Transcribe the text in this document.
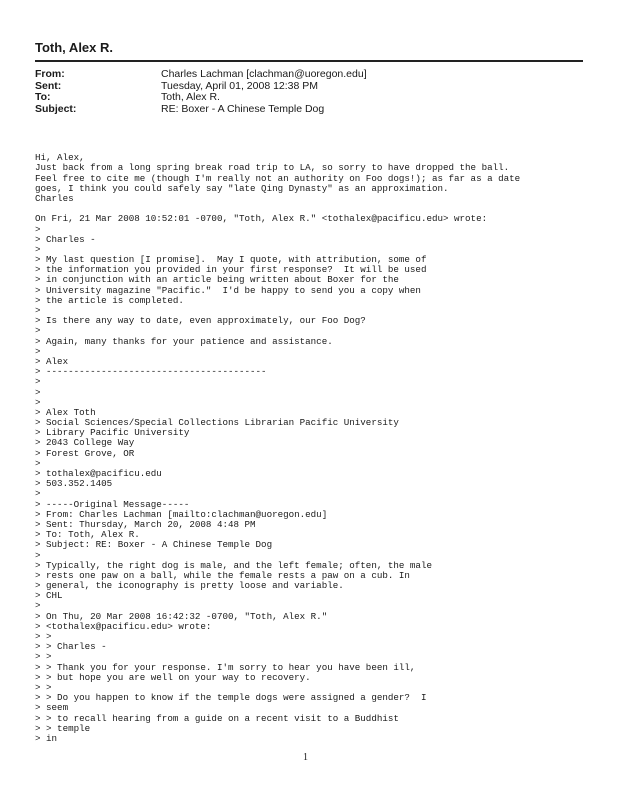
Toth, Alex R.
From:	Charles Lachman [clachman@uoregon.edu]
Sent:	Tuesday, April 01, 2008 12:38 PM
To:	Toth, Alex R.
Subject:	RE: Boxer - A Chinese Temple Dog
Hi, Alex,
Just back from a long spring break road trip to LA, so sorry to have dropped the ball.
Feel free to cite me (though I'm really not an authority on Foo dogs!); as far as a date
goes, I think you could safely say "late Qing Dynasty" as an approximation.
Charles
On Fri, 21 Mar 2008 10:52:01 -0700, "Toth, Alex R." <tothalex@pacificu.edu> wrote:
>
> Charles -
>
> My last question [I promise].  May I quote, with attribution, some of
> the information you provided in your first response?  It will be used
> in conjunction with an article being written about Boxer for the
> University magazine "Pacific."  I'd be happy to send you a copy when
> the article is completed.
>
> Is there any way to date, even approximately, our Foo Dog?
>
> Again, many thanks for your patience and assistance.
>
> Alex
> ----------------------------------------
>
>
>
> Alex Toth
> Social Sciences/Special Collections Librarian Pacific University
> Library Pacific University
> 2043 College Way
> Forest Grove, OR
>
> tothalex@pacificu.edu
> 503.352.1405
>
> -----Original Message-----
> From: Charles Lachman [mailto:clachman@uoregon.edu]
> Sent: Thursday, March 20, 2008 4:48 PM
> To: Toth, Alex R.
> Subject: RE: Boxer - A Chinese Temple Dog
>
> Typically, the right dog is male, and the left female; often, the male
> rests one paw on a ball, while the female rests a paw on a cub. In
> general, the iconography is pretty loose and variable.
> CHL
>
> On Thu, 20 Mar 2008 16:42:32 -0700, "Toth, Alex R."
> <tothalex@pacificu.edu> wrote:
> >
> > Charles -
> >
> > Thank you for your response. I'm sorry to hear you have been ill,
> > but hope you are well on your way to recovery.
> >
> > Do you happen to know if the temple dogs were assigned a gender?  I
> seem
> > to recall hearing from a guide on a recent visit to a Buddhist
> > temple
> in
1
